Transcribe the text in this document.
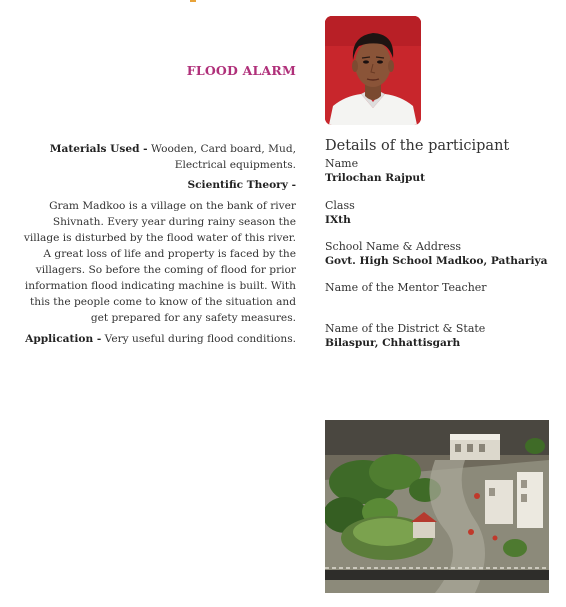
FLOOD ALARM

Materials Used - Wooden, Card board, Mud, Electrical equipments.

Scientific Theory -

Gram Madkoo is a village on the bank of river Shivnath. Every year during rainy season the village is disturbed by the flood water of this river. A great loss of life and property is faced by the villagers. So before the coming of flood for prior information flood indicating machine is built. With this the people come to know of the situation and get prepared for any safety measures.

Application - Very useful during flood conditions.

Details of the participant

Name

Trilochan Rajput

Class

IXth

School Name & Address

Govt. High School Madkoo, Pathariya

Name of the Mentor Teacher

Name of the District & State

Bilaspur, Chhattisgarh
